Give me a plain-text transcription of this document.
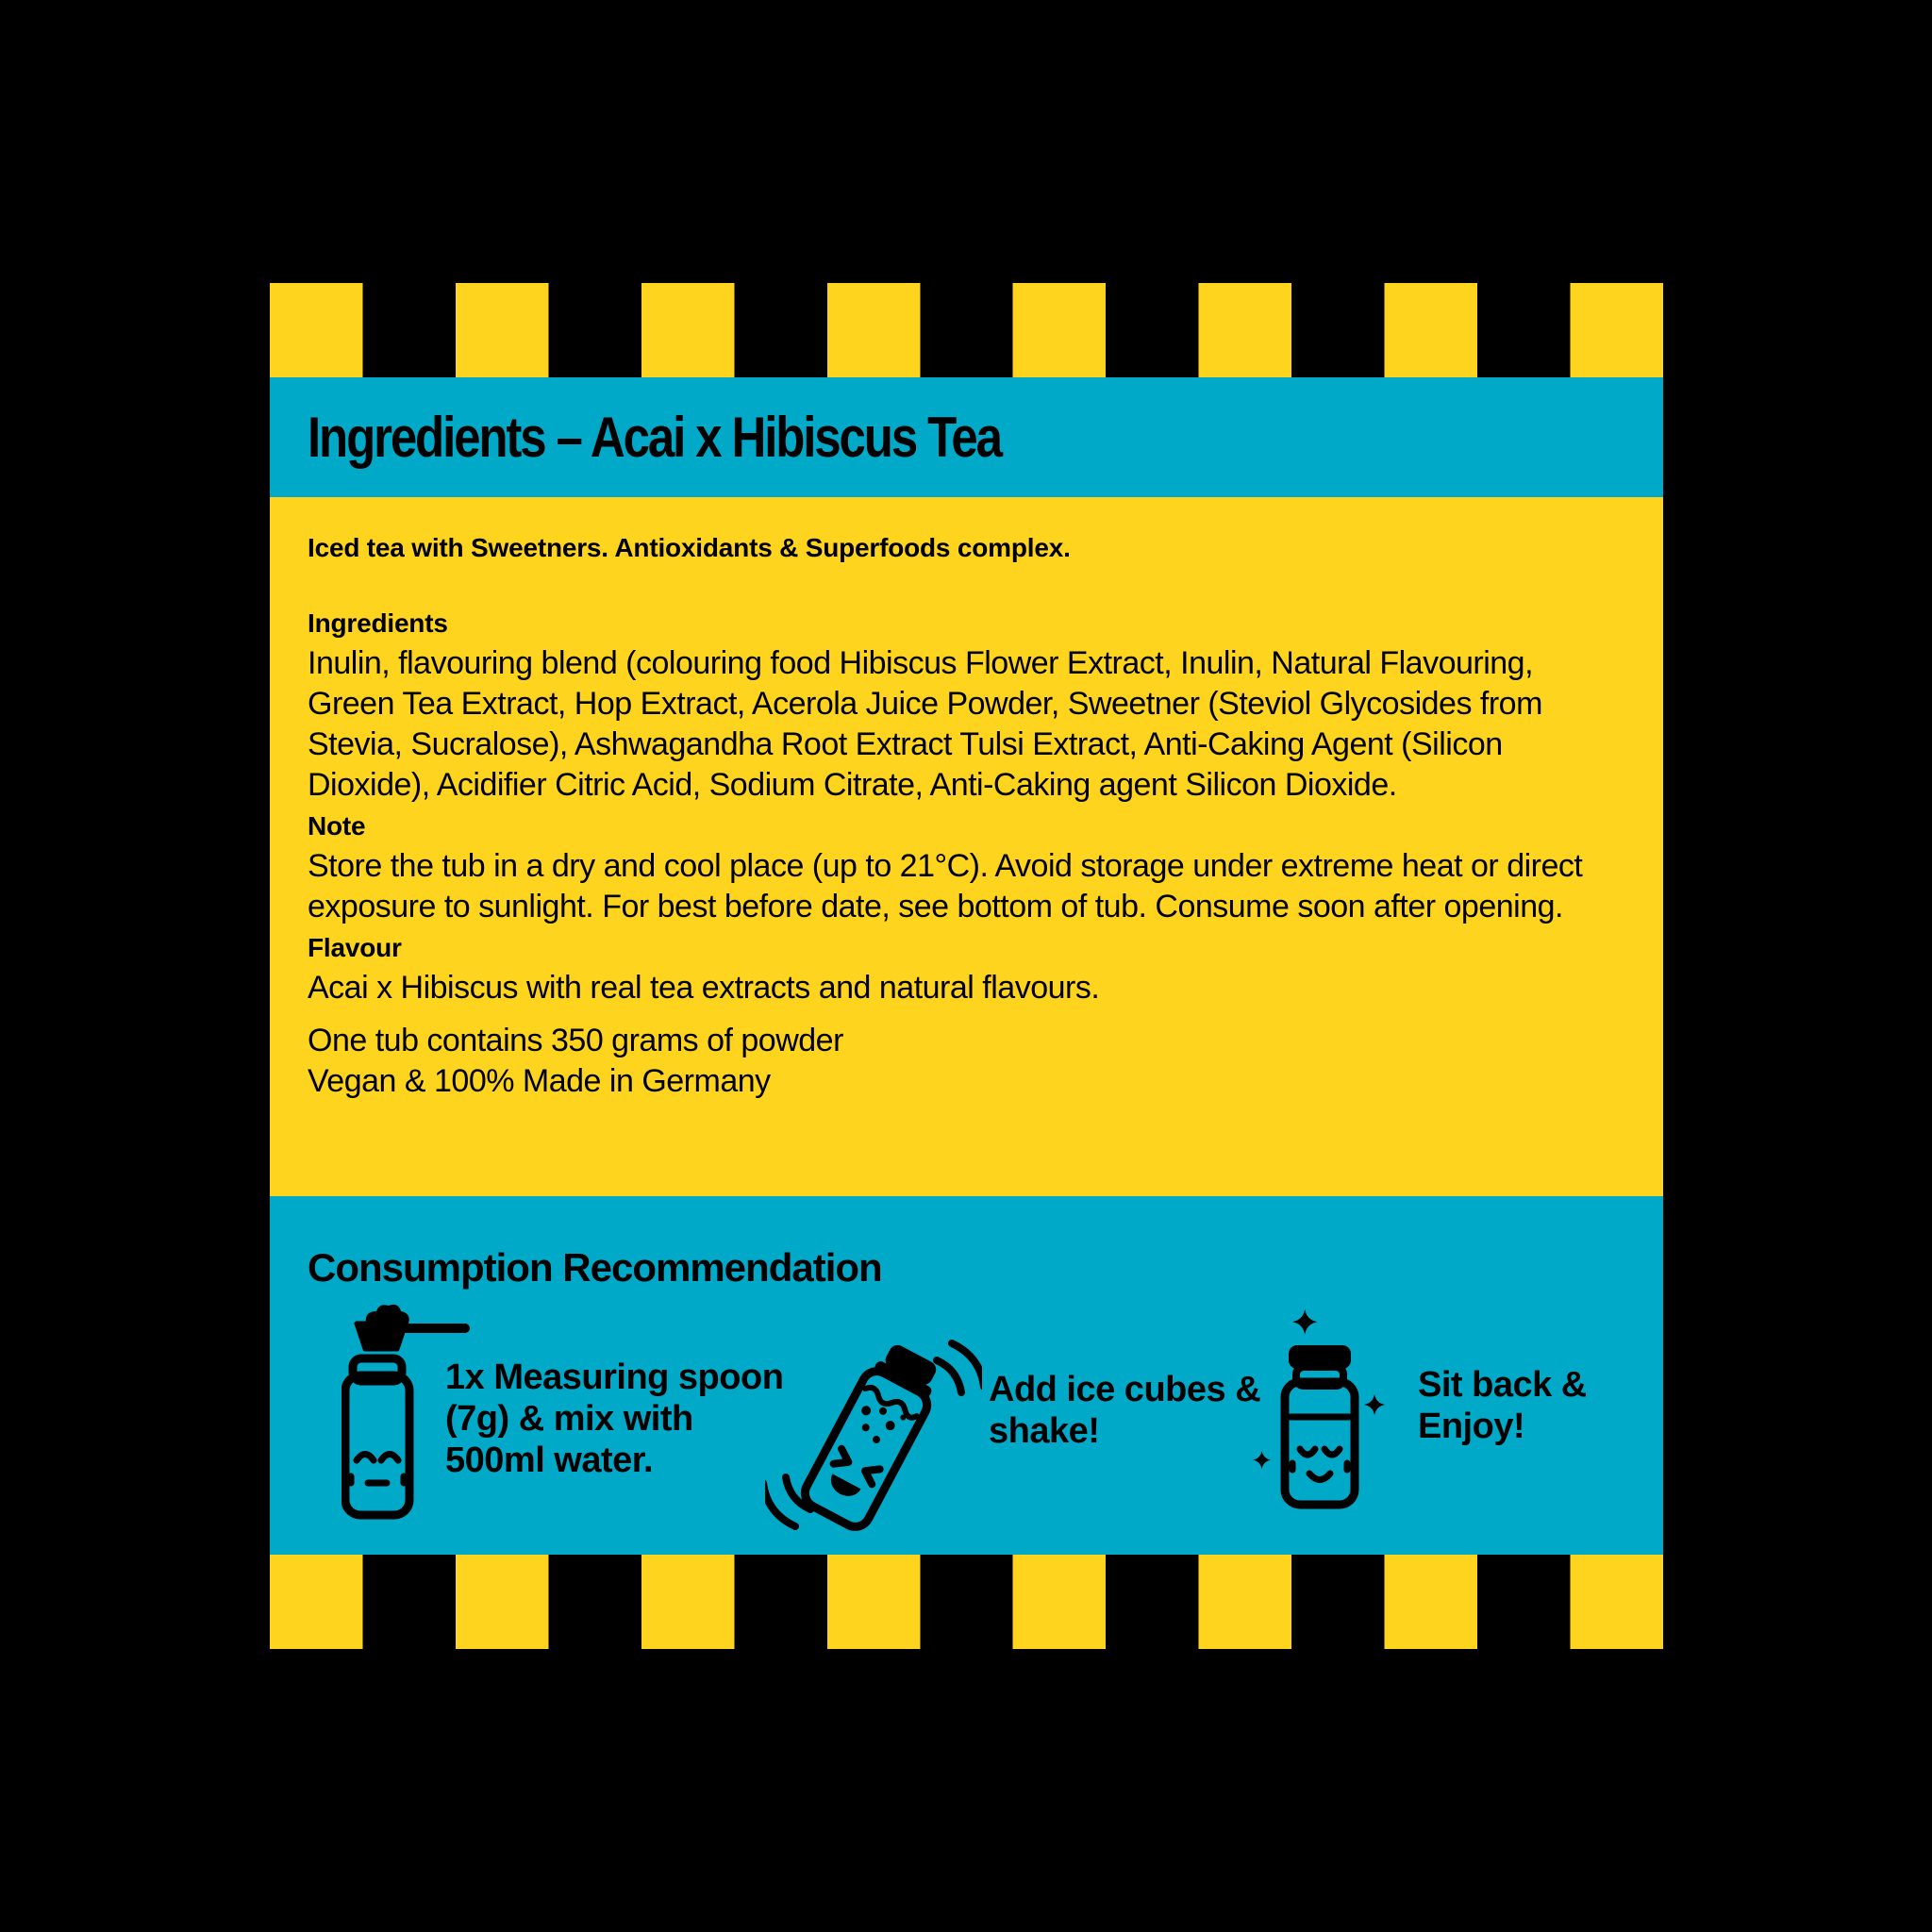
Ingredients – Acai x Hibiscus Tea

Iced tea with Sweetners. Antioxidants & Superfoods complex.

Ingredients

Inulin, flavouring blend (colouring food Hibiscus Flower Extract, Inulin, Natural Flavouring, Green Tea Extract, Hop Extract, Acerola Juice Powder, Sweetner (Steviol Glycosides from Stevia, Sucralose), Ashwagandha Root Extract Tulsi Extract, Anti-Caking Agent (Silicon Dioxide), Acidifier Citric Acid, Sodium Citrate, Anti-Caking agent Silicon Dioxide.

Note

Store the tub in a dry and cool place (up to 21°C). Avoid storage under extreme heat or direct exposure to sunlight. For best before date, see bottom of tub. Consume soon after opening.

Flavour

Acai x Hibiscus with real tea extracts and natural flavours.

One tub contains 350 grams of powder

Vegan & 100% Made in Germany

Consumption Recommendation
1x Measuring spoon (7g) & mix with 500ml water.
Add ice cubes & shake!
Sit back & Enjoy!
